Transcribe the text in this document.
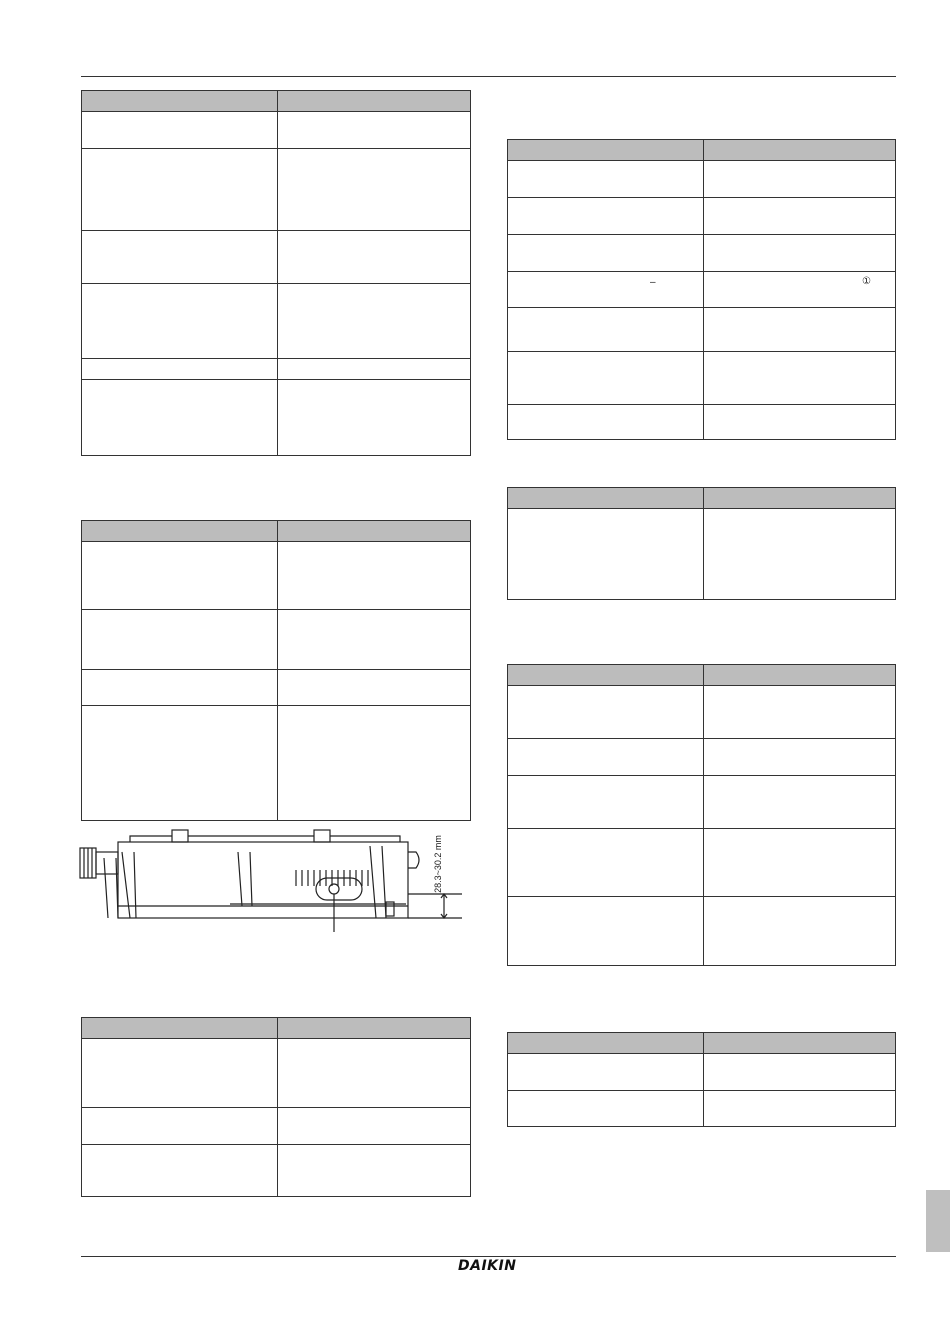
28.3~30.2 mm
–	①
DAIKIN
